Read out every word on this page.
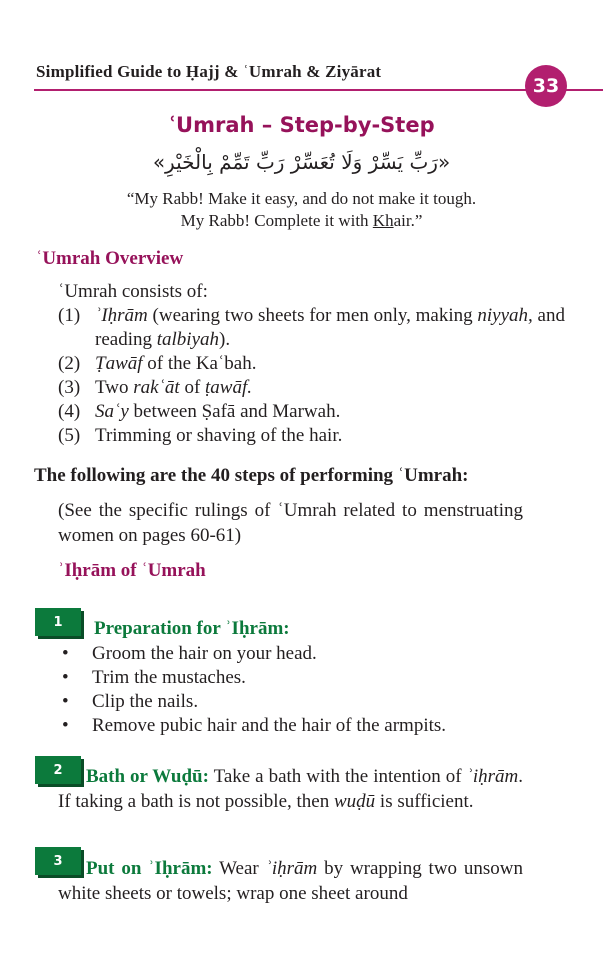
Simplified Guide to Ḥajj & ʿUmrah & Ziyārat
33
ʿUmrah – Step-by-Step
«رَبِّ يَسِّرْ وَلَا تُعَسِّرْ رَبِّ تَمِّمْ بِالْخَيْرِ»
“My Rabb! Make it easy, and do not make it tough.
My Rabb! Complete it with Khair.”
ʿUmrah Overview
ʿUmrah consists of:
(1) ʾIḥrām (wearing two sheets for men only, making niyyah, and reading talbiyah).
(2) Ṭawāf of the Kaʿbah.
(3) Two rakʿāt of ṭawāf.
(4) Saʿy between Ṣafā and Marwah.
(5) Trimming or shaving of the hair.
The following are the 40 steps of performing ʿUmrah:
(See the specific rulings of ʿUmrah related to menstruating women on pages 60-61)
ʾIḥrām of ʿUmrah
1	Preparation for ʾIḥrām:
•	Groom the hair on your head.
•	Trim the mustaches.
•	Clip the nails.
•	Remove pubic hair and the hair of the armpits.
2	Bath or Wuḍū: Take a bath with the intention of ʾiḥrām. If taking a bath is not possible, then wuḍū is sufficient.
3	Put on ʾIḥrām: Wear ʾiḥrām by wrapping two unsown white sheets or towels; wrap one sheet around
